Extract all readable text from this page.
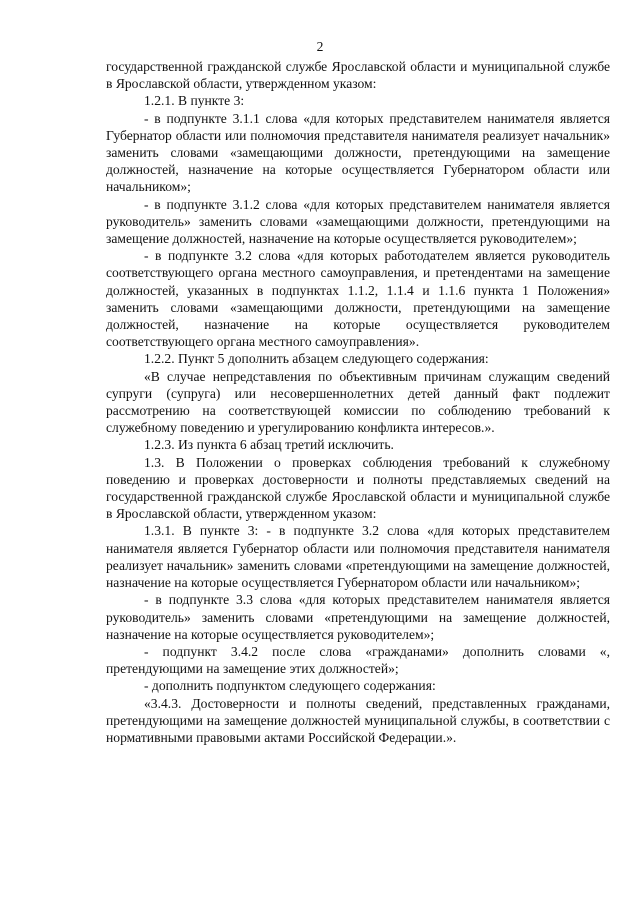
2

государственной гражданской службе Ярославской области и муниципальной службе в Ярославской области, утвержденном указом:

1.2.1. В пункте 3:

- в подпункте 3.1.1 слова «для которых представителем нанимателя является Губернатор области или полномочия представителя нанимателя реализует начальник» заменить словами «замещающими должности, претендующими на замещение должностей, назначение на которые осуществляется Губернатором области или начальником»;

- в подпункте 3.1.2 слова «для которых представителем нанимателя является руководитель» заменить словами «замещающими должности, претендующими на замещение должностей, назначение на которые осуществляется руководителем»;

- в подпункте 3.2 слова «для которых работодателем является руководитель соответствующего органа местного самоуправления, и претендентами на замещение должностей, указанных в подпунктах 1.1.2, 1.1.4 и 1.1.6 пункта 1 Положения» заменить словами «замещающими должности, претендующими на замещение должностей, назначение на которые осуществляется руководителем соответствующего органа местного самоуправления».

1.2.2. Пункт 5 дополнить абзацем следующего содержания:

«В случае непредставления по объективным причинам служащим сведений супруги (супруга) или несовершеннолетних детей данный факт подлежит рассмотрению на соответствующей комиссии по соблюдению требований к служебному поведению и урегулированию конфликта интересов.».

1.2.3. Из пункта 6 абзац третий исключить.

1.3. В Положении о проверках соблюдения требований к служебному поведению и проверках достоверности и полноты представляемых сведений на государственной гражданской службе Ярославской области и муниципальной службе в Ярославской области, утвержденном указом:

1.3.1. В пункте 3: - в подпункте 3.2 слова «для которых представителем нанимателя является Губернатор области или полномочия представителя нанимателя реализует начальник» заменить словами «претендующими на замещение должностей, назначение на которые осуществляется Губернатором области или начальником»;

- в подпункте 3.3 слова «для которых представителем нанимателя является руководитель» заменить словами «претендующими на замещение должностей, назначение на которые осуществляется руководителем»;

- подпункт 3.4.2 после слова «гражданами» дополнить словами «, претендующими на замещение этих должностей»;

- дополнить подпунктом следующего содержания:

«3.4.3. Достоверности и полноты сведений, представленных гражданами, претендующими на замещение должностей муниципальной службы, в соответствии с нормативными правовыми актами Российской Федерации.».
